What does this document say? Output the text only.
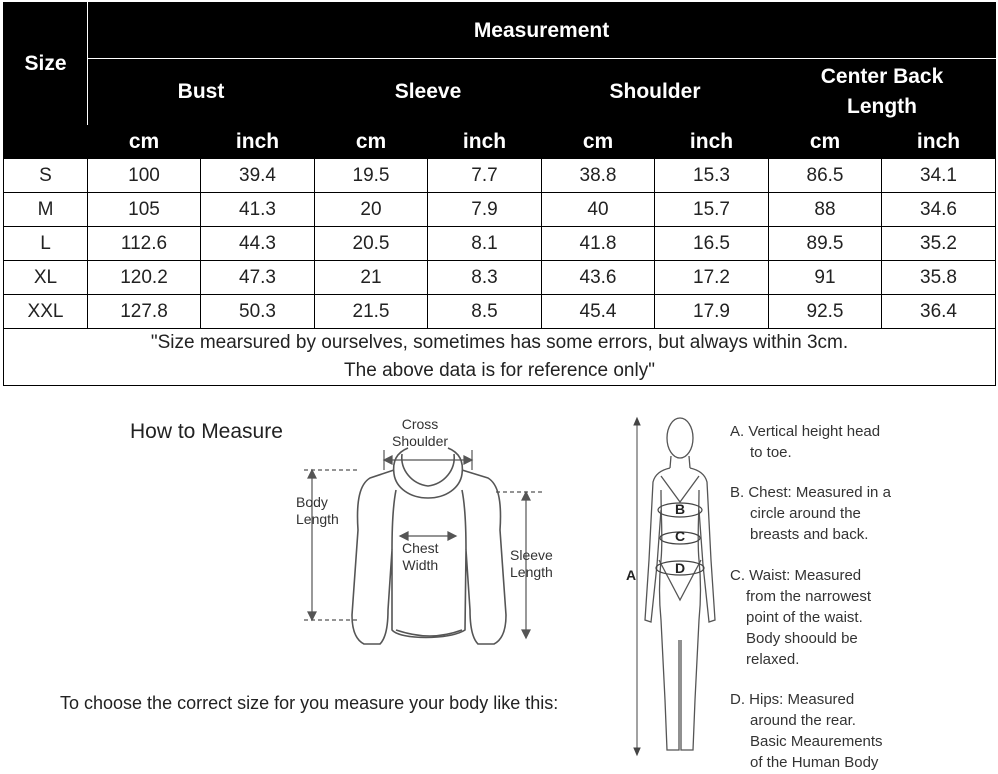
Size	Measurement							
	Bust		Sleeve		Shoulder		Center Back Length	
	cm	inch	cm	inch	cm	inch	cm	inch
S	100	39.4	19.5	7.7	38.8	15.3	86.5	34.1
M	105	41.3	20	7.9	40	15.7	88	34.6
L	112.6	44.3	20.5	8.1	41.8	16.5	89.5	35.2
XL	120.2	47.3	21	8.3	43.6	17.2	91	35.8
XXL	127.8	50.3	21.5	8.5	45.4	17.9	92.5	36.4

"Size mearsured by ourselves, sometimes has some errors, but always within 3cm.
The above data is for reference only"								
How to Measure	Cross
Shoulder
Body
Length
Chest
Width
Sleeve
Length
To choose the correct size for you measure your body like this:
A
B
C
D
A. Vertical height head
to toe.
B. Chest: Measured in a
circle around the
breasts and back.
C. Waist: Measured
from the narrowest
point of the waist.
Body shoould be
relaxed.
D. Hips: Measured
around the rear.
Basic Meaurements
of the Human Body
